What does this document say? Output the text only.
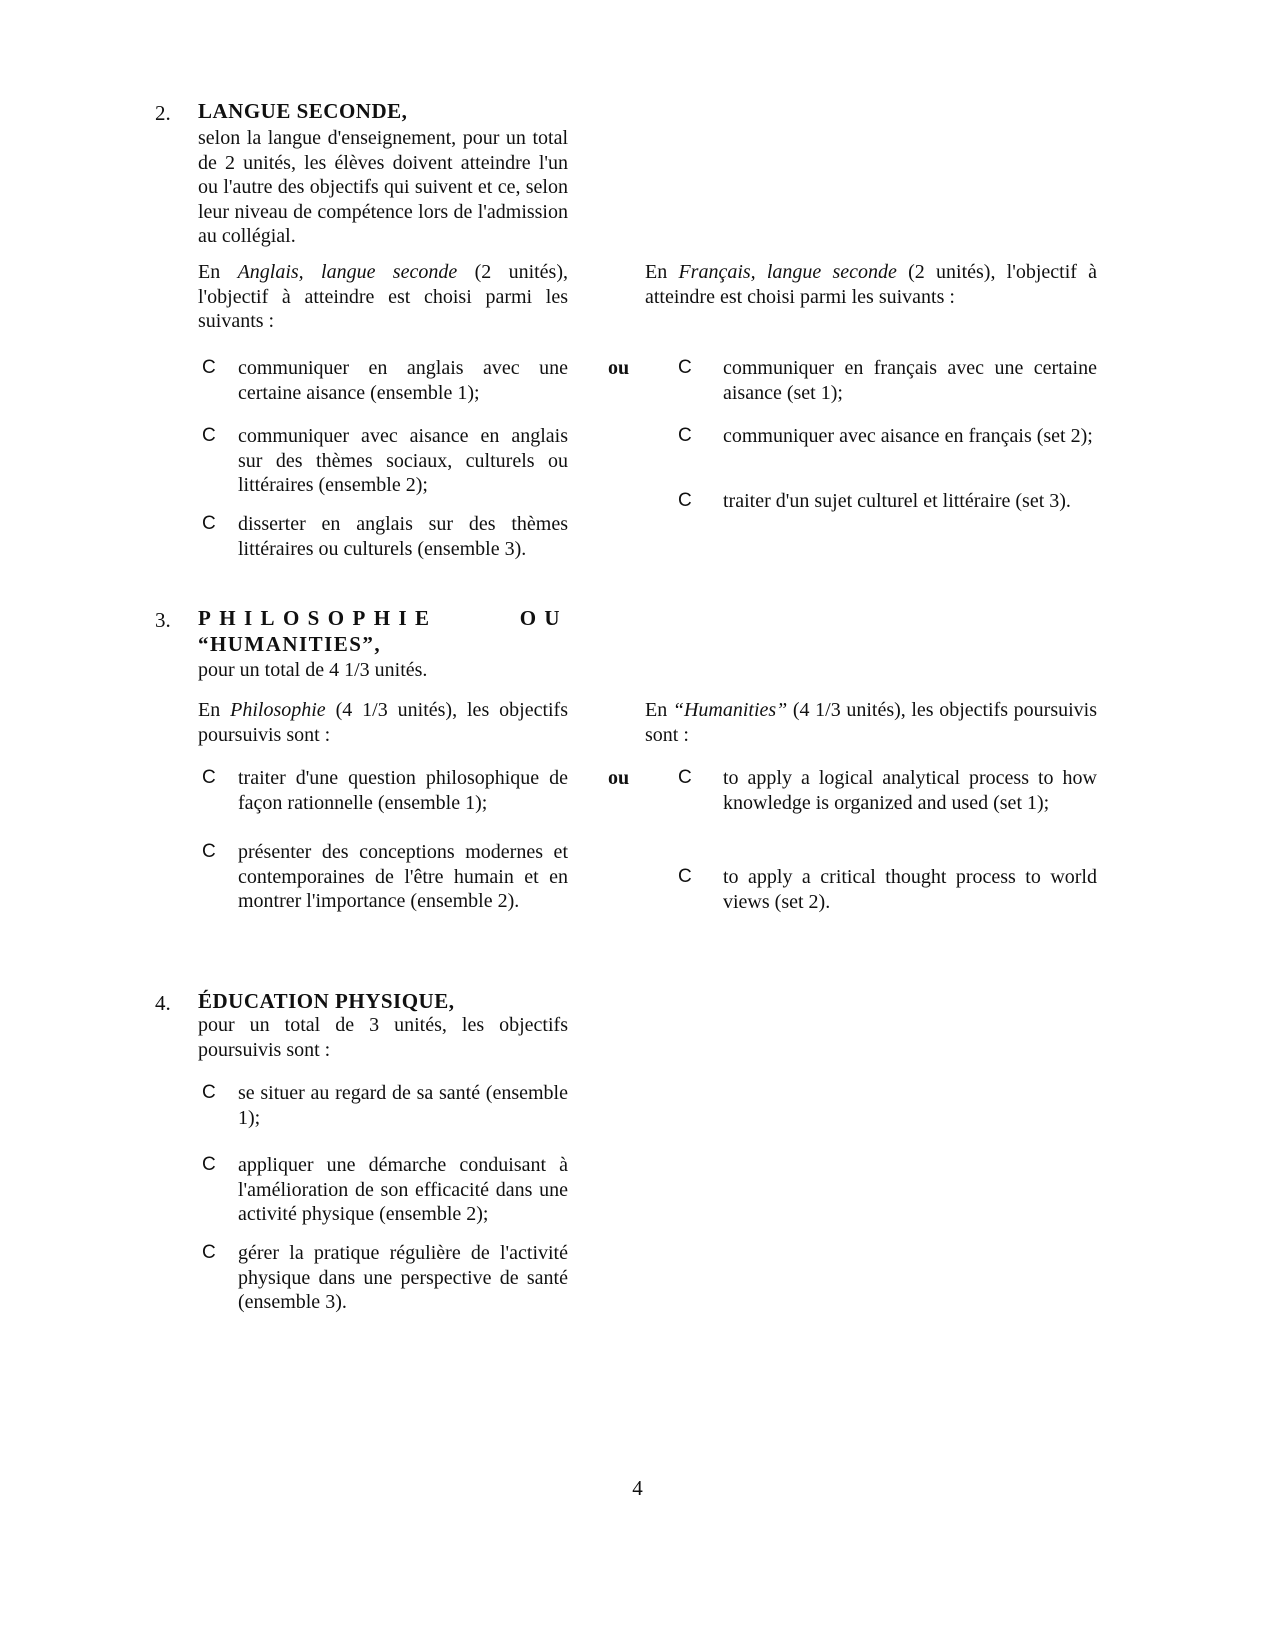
2. LANGUE SECONDE,
selon la langue d'enseignement, pour un total de 2 unités, les élèves doivent atteindre l'un ou l'autre des objectifs qui suivent et ce, selon leur niveau de compétence lors de l'admission au collégial.
En Anglais, langue seconde (2 unités), l'objectif à atteindre est choisi parmi les suivants :
En Français, langue seconde (2 unités), l'objectif à atteindre est choisi parmi les suivants :
ou
C	communiquer en anglais avec une certaine aisance (ensemble 1);
C	communiquer avec aisance en anglais sur des thèmes sociaux, culturels ou littéraires (ensemble 2);
C	disserter en anglais sur des thèmes littéraires ou culturels (ensemble 3).
C	communiquer en français avec une certaine aisance (set 1);
C	communiquer avec aisance en français (set 2);
C	traiter d'un sujet culturel et littéraire (set 3).
3. PHILOSOPHIE	OU
“HUMANITIES”,
pour un total de 4 1/3 unités.
En Philosophie (4 1/3 unités), les objectifs poursuivis sont :
En “Humanities” (4 1/3 unités), les objectifs poursuivis sont :
ou
C	traiter d'une question philosophique de façon rationnelle (ensemble 1);
C	présenter des conceptions modernes et contemporaines de l'être humain et en montrer l'importance (ensemble 2).
C	to apply a logical analytical process to how knowledge is organized and used (set 1);
C	to apply a critical thought process to world views (set 2).
4. ÉDUCATION PHYSIQUE,
pour un total de 3 unités, les objectifs poursuivis sont :
C	se situer au regard de sa santé (ensemble 1);
C	appliquer une démarche conduisant à l'amélioration de son efficacité dans une activité physique (ensemble 2);
C	gérer la pratique régulière de l'activité physique dans une perspective de santé (ensemble 3).
4
